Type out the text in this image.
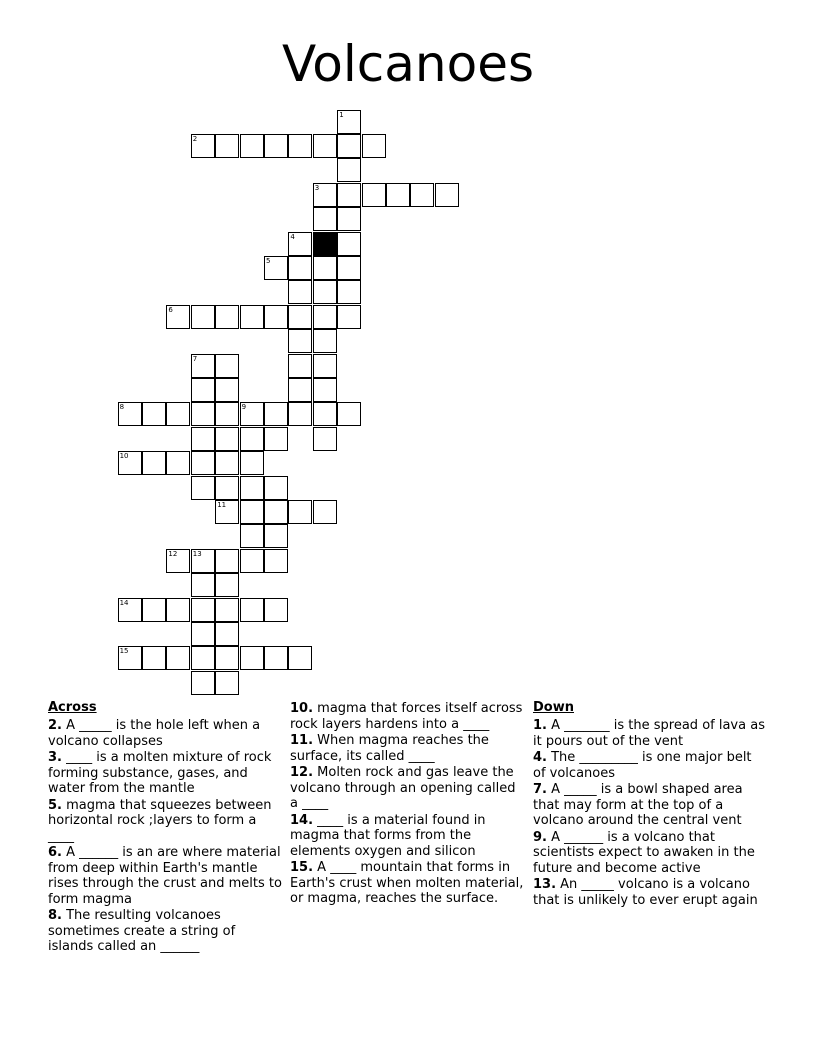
Volcanoes
1
4
9
13
2
3
5
6
7
8
10
11
12
14
15
Across
2. A _____ is the hole left when a volcano collapses
3. ____ is a molten mixture of rock forming substance, gases, and water from the mantle
5. magma that squeezes between horizontal rock ;layers to form a ____
6. A ______ is an are where material from deep within Earth's mantle rises through the crust and melts to form magma
8. The resulting volcanoes sometimes create a string of islands called an ______
10. magma that forces itself across rock layers hardens into a ____
11. When magma reaches the surface, its called ____
12. Molten rock and gas leave the volcano through an opening called a ____
14. ____ is a material found in magma that forms from the elements oxygen and silicon
15. A ____ mountain that forms in Earth's crust when molten material, or magma, reaches the surface.
Down
1. A _______ is the spread of lava as it pours out of the vent
4. The _________ is one major belt of volcanoes
7. A _____ is a bowl shaped area that may form at the top of a volcano around the central vent
9. A ______ is a volcano that scientists expect to awaken in the future and become active
13. An _____ volcano is a volcano that is unlikely to ever erupt again
